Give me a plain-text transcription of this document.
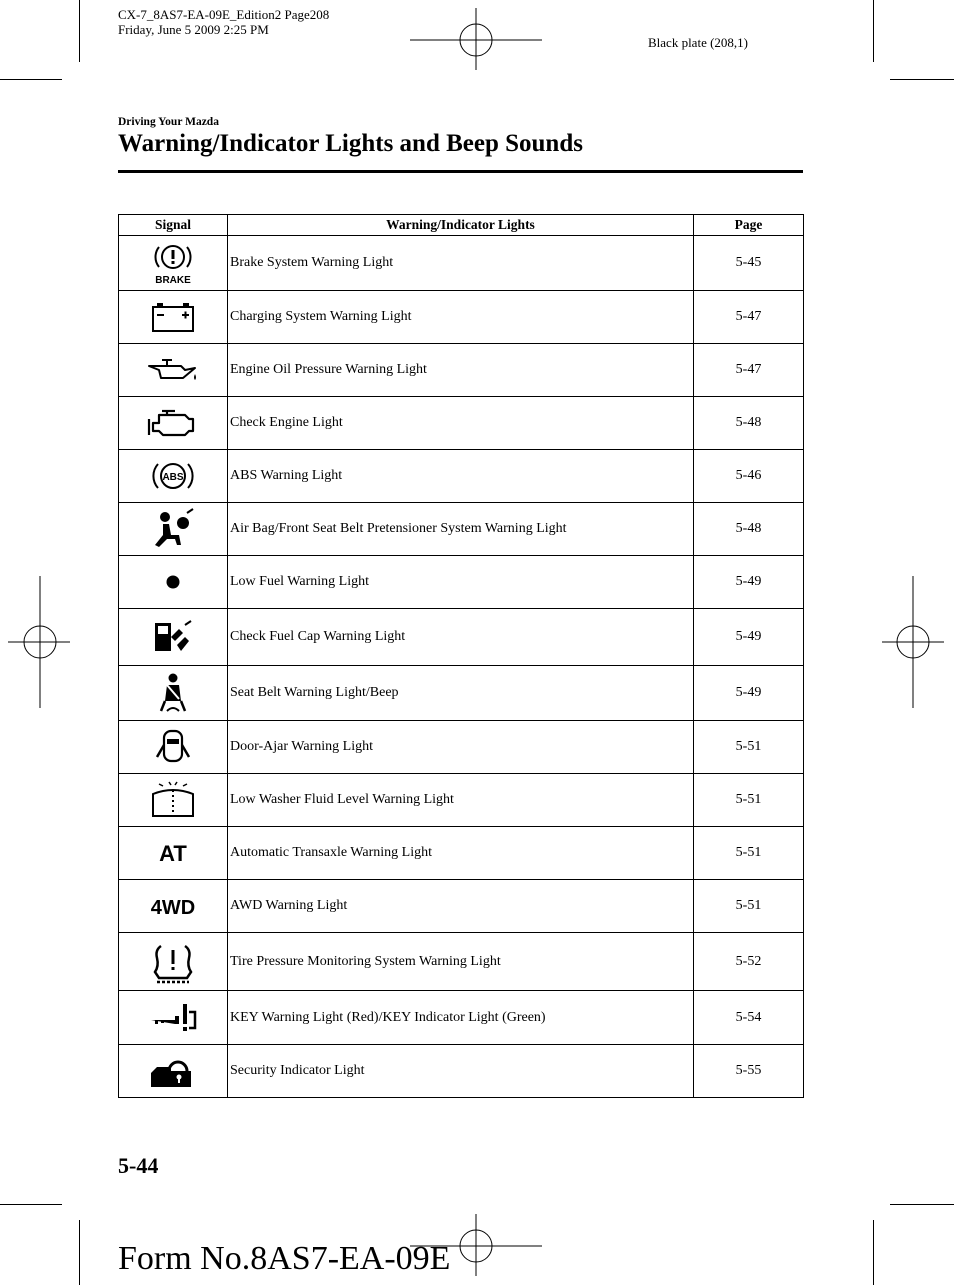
CX-7_8AS7-EA-09E_Edition2 Page208
Friday, June 5 2009 2:25 PM
Black plate (208,1)
Driving Your Mazda
Warning/Indicator Lights and Beep Sounds
Signal	Warning/Indicator Lights	Page

BRAKE	Brake System Warning Light	5-45

	Charging System Warning Light	5-47

	Engine Oil Pressure Warning Light	5-47

	Check Engine Light	5-48

ABS	ABS Warning Light	5-46

	Air Bag/Front Seat Belt Pretensioner System Warning Light	5-48

	Low Fuel Warning Light	5-49

	Check Fuel Cap Warning Light	5-49

	Seat Belt Warning Light/Beep	5-49

	Door-Ajar Warning Light	5-51

	Low Washer Fluid Level Warning Light	5-51

AT	Automatic Transaxle Warning Light	5-51

4WD	AWD Warning Light	5-51

	Tire Pressure Monitoring System Warning Light	5-52

	KEY Warning Light (Red)/KEY Indicator Light (Green)	5-54

	Security Indicator Light	5-55
5-44
Form No.8AS7-EA-09E
